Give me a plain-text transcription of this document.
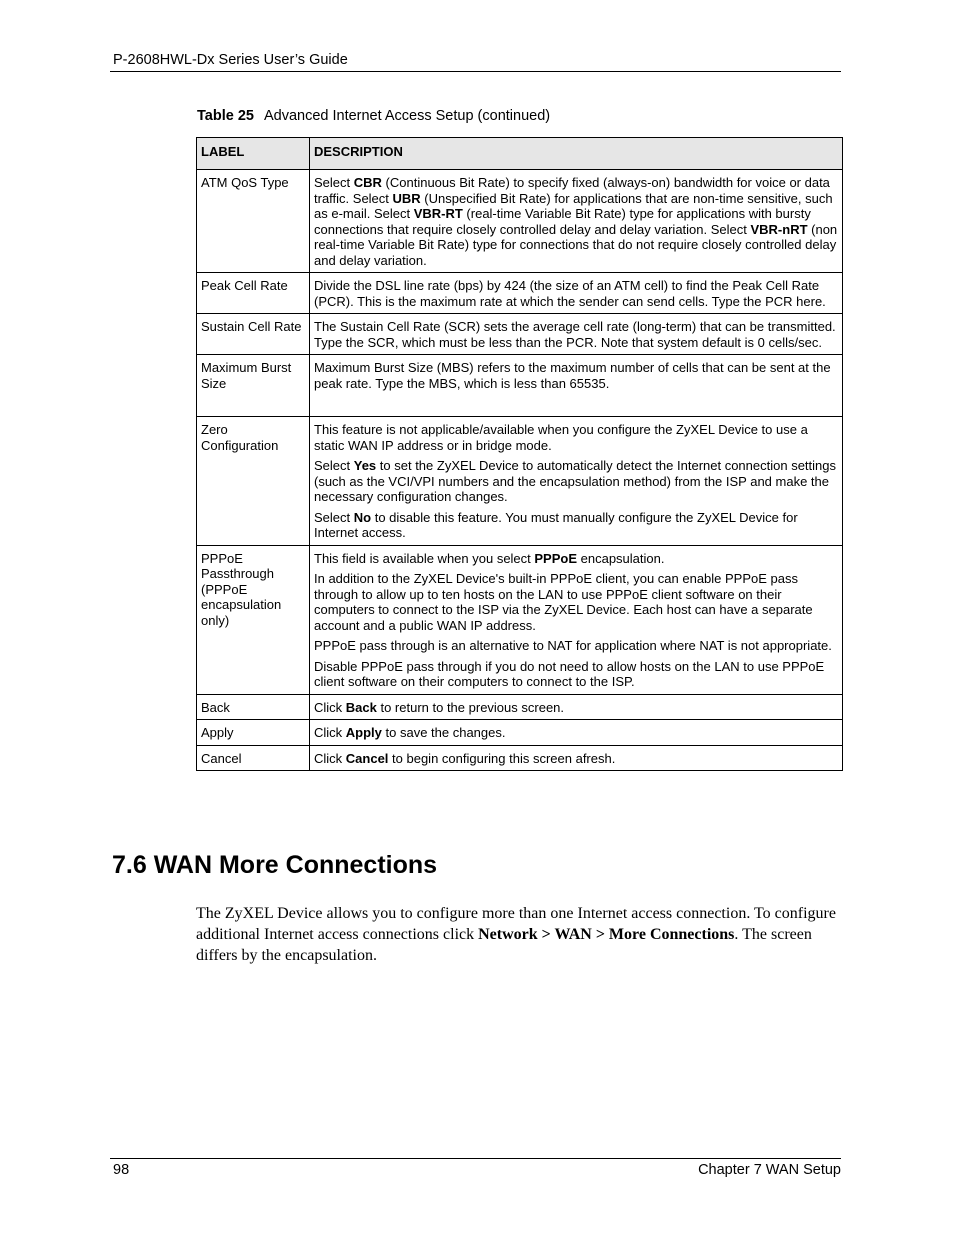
P-2608HWL-Dx Series User’s Guide
Table 25 Advanced Internet Access Setup (continued)
LABEL	DESCRIPTION
ATM QoS Type	Select CBR (Continuous Bit Rate) to specify fixed (always-on) bandwidth for voice or data traffic. Select UBR (Unspecified Bit Rate) for applications that are non-time sensitive, such as e-mail. Select VBR-RT (real-time Variable Bit Rate) type for applications with bursty connections that require closely controlled delay and delay variation. Select VBR-nRT (non real-time Variable Bit Rate) type for connections that do not require closely controlled delay and delay variation.

Peak Cell Rate	Divide the DSL line rate (bps) by 424 (the size of an ATM cell) to find the Peak Cell Rate (PCR). This is the maximum rate at which the sender can send cells. Type the PCR here.

Sustain Cell Rate	The Sustain Cell Rate (SCR) sets the average cell rate (long-term) that can be transmitted. Type the SCR, which must be less than the PCR. Note that system default is 0 cells/sec.

Maximum Burst Size	Maximum Burst Size (MBS) refers to the maximum number of cells that can be sent at the peak rate. Type the MBS, which is less than 65535.

Zero Configuration	This feature is not applicable/available when you configure the ZyXEL Device to use a static WAN IP address or in bridge mode.

Select Yes to set the ZyXEL Device to automatically detect the Internet connection settings (such as the VCI/VPI numbers and the encapsulation method) from the ISP and make the necessary configuration changes.

Select No to disable this feature. You must manually configure the ZyXEL Device for Internet access.

PPPoE Passthrough (PPPoE encapsulation only)	This field is available when you select PPPoE encapsulation.

In addition to the ZyXEL Device's built-in PPPoE client, you can enable PPPoE pass through to allow up to ten hosts on the LAN to use PPPoE client software on their computers to connect to the ISP via the ZyXEL Device. Each host can have a separate account and a public WAN IP address.

PPPoE pass through is an alternative to NAT for application where NAT is not appropriate.

Disable PPPoE pass through if you do not need to allow hosts on the LAN to use PPPoE client software on their computers to connect to the ISP.

Back	Click Back to return to the previous screen.

Apply	Click Apply to save the changes.

Cancel	Click Cancel to begin configuring this screen afresh.

7.6 WAN More Connections

The ZyXEL Device allows you to configure more than one Internet access connection. To configure additional Internet access connections click Network > WAN > More Connections. The screen differs by the encapsulation.

98	Chapter 7 WAN Setup
